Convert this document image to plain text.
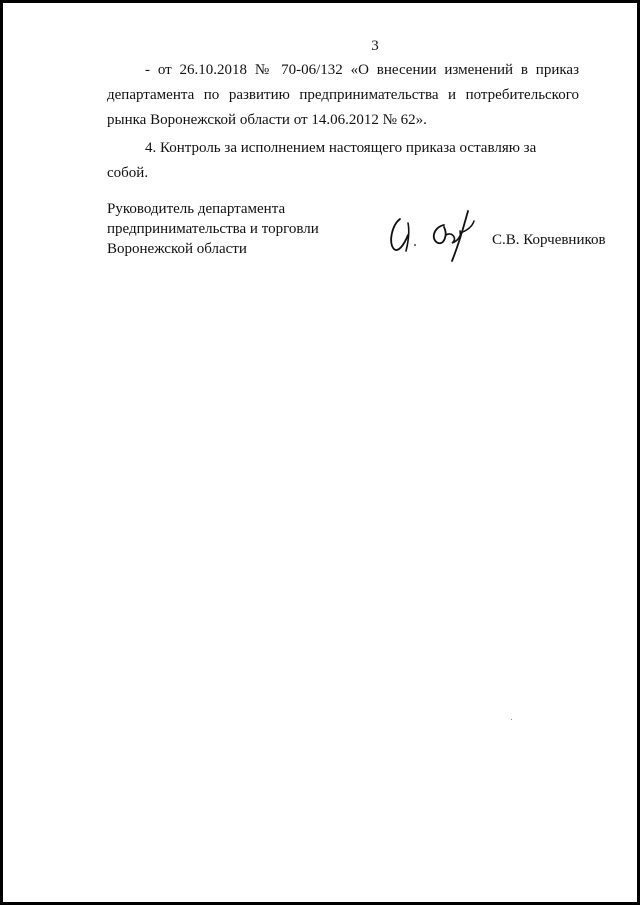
3

- от 26.10.2018 № 70-06/132 «О внесении изменений в приказ
департамента по развитию предпринимательства и потребительского рынка Воронежской области от 14.06.2012 № 62».

4. Контроль за исполнением настоящего приказа оставляю за собой.

Руководитель департамента
предпринимательства и торговли
Воронежской области
С.В. Корчевников
